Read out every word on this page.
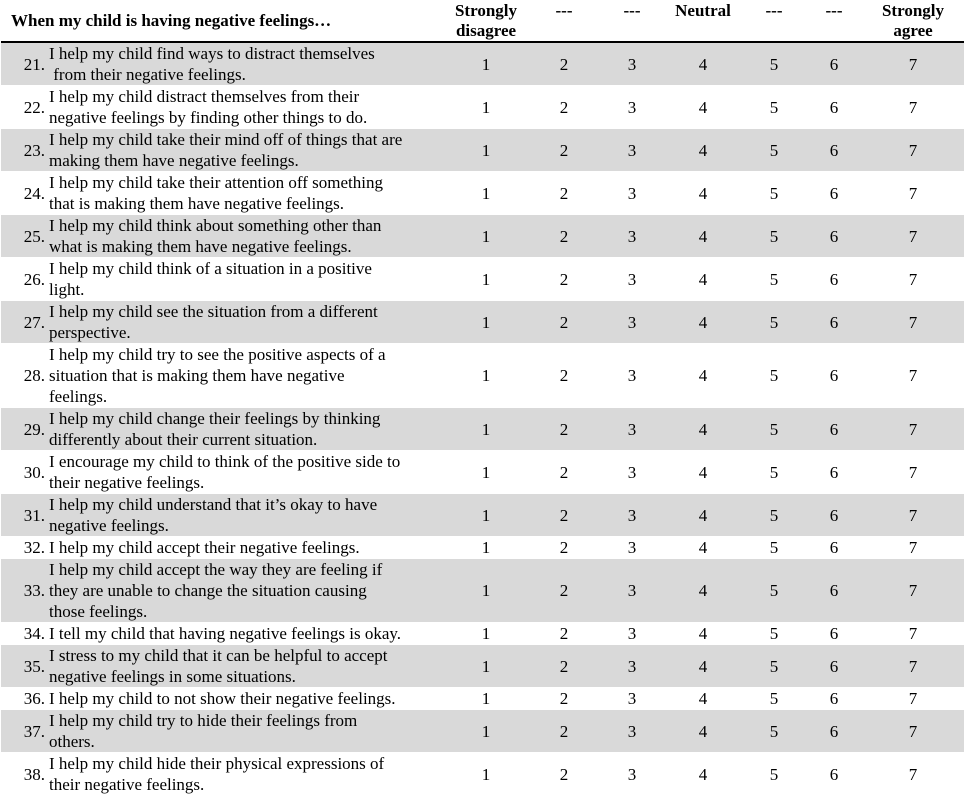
When my child is having negative feelings…	Strongly
disagree	---	---	Neutral	---	---	Strongly
agree

21.
I help my child find ways to distract themselves
from their negative feelings.	1	2	3	4	5	6	7

22.
I help my child distract themselves from their
negative feelings by finding other things to do.	1	2	3	4	5	6	7

23.
I help my child take their mind off of things that are
making them have negative feelings.	1	2	3	4	5	6	7

24.
I help my child take their attention off something
that is making them have negative feelings.	1	2	3	4	5	6	7

25.
I help my child think about something other than
what is making them have negative feelings.	1	2	3	4	5	6	7

26.
I help my child think of a situation in a positive
light.	1	2	3	4	5	6	7

27.
I help my child see the situation from a different
perspective.	1	2	3	4	5	6	7

28.
I help my child try to see the positive aspects of a
situation that is making them have negative
feelings.	1	2	3	4	5	6	7

29.
I help my child change their feelings by thinking
differently about their current situation.	1	2	3	4	5	6	7

30.
I encourage my child to think of the positive side to
their negative feelings.	1	2	3	4	5	6	7

31.
I help my child understand that it’s okay to have
negative feelings.	1	2	3	4	5	6	7

32. I help my child accept their negative feelings.	1	2	3	4	5	6	7

33.
I help my child accept the way they are feeling if
they are unable to change the situation causing
those feelings.	1	2	3	4	5	6	7

34. I tell my child that having negative feelings is okay.	1	2	3	4	5	6	7

35.
I stress to my child that it can be helpful to accept
negative feelings in some situations.	1	2	3	4	5	6	7

36. I help my child to not show their negative feelings.	1	2	3	4	5	6	7

37.
I help my child try to hide their feelings from
others.	1	2	3	4	5	6	7

38.
I help my child hide their physical expressions of
their negative feelings.	1	2	3	4	5	6	7
